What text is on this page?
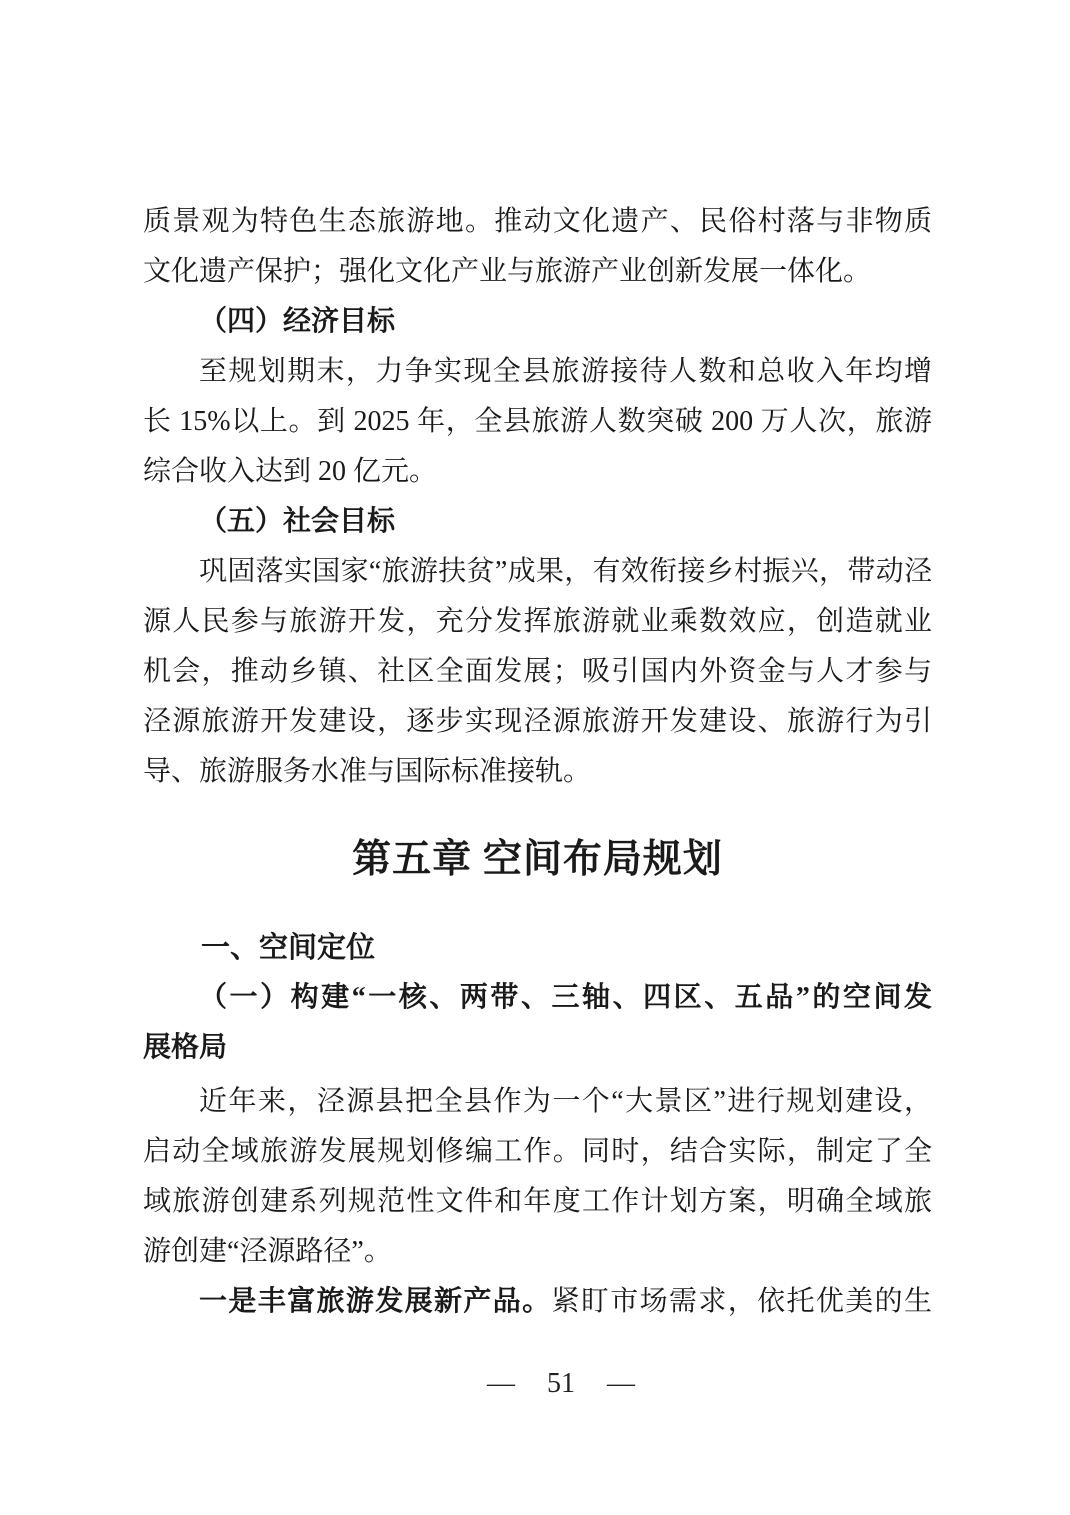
质景观为特色生态旅游地。推动文化遗产、民俗村落与非物质
文化遗产保护；强化文化产业与旅游产业创新发展一体化。
（四）经济目标
至规划期末，力争实现全县旅游接待人数和总收入年均增
长 15%以上。到 2025 年，全县旅游人数突破 200 万人次，旅游
综合收入达到 20 亿元。
（五）社会目标
巩固落实国家“旅游扶贫”成果，有效衔接乡村振兴，带动泾
源人民参与旅游开发，充分发挥旅游就业乘数效应，创造就业
机会，推动乡镇、社区全面发展；吸引国内外资金与人才参与
泾源旅游开发建设，逐步实现泾源旅游开发建设、旅游行为引
导、旅游服务水准与国际标准接轨。
第五章 空间布局规划
一、空间定位
（一）构建“一核、两带、三轴、四区、五品”的空间发
展格局
近年来，泾源县把全县作为一个“大景区”进行规划建设，
启动全域旅游发展规划修编工作。同时，结合实际，制定了全
域旅游创建系列规范性文件和年度工作计划方案，明确全域旅
游创建“泾源路径”。
一是丰富旅游发展新产品。紧盯市场需求，依托优美的生
— 51 —
